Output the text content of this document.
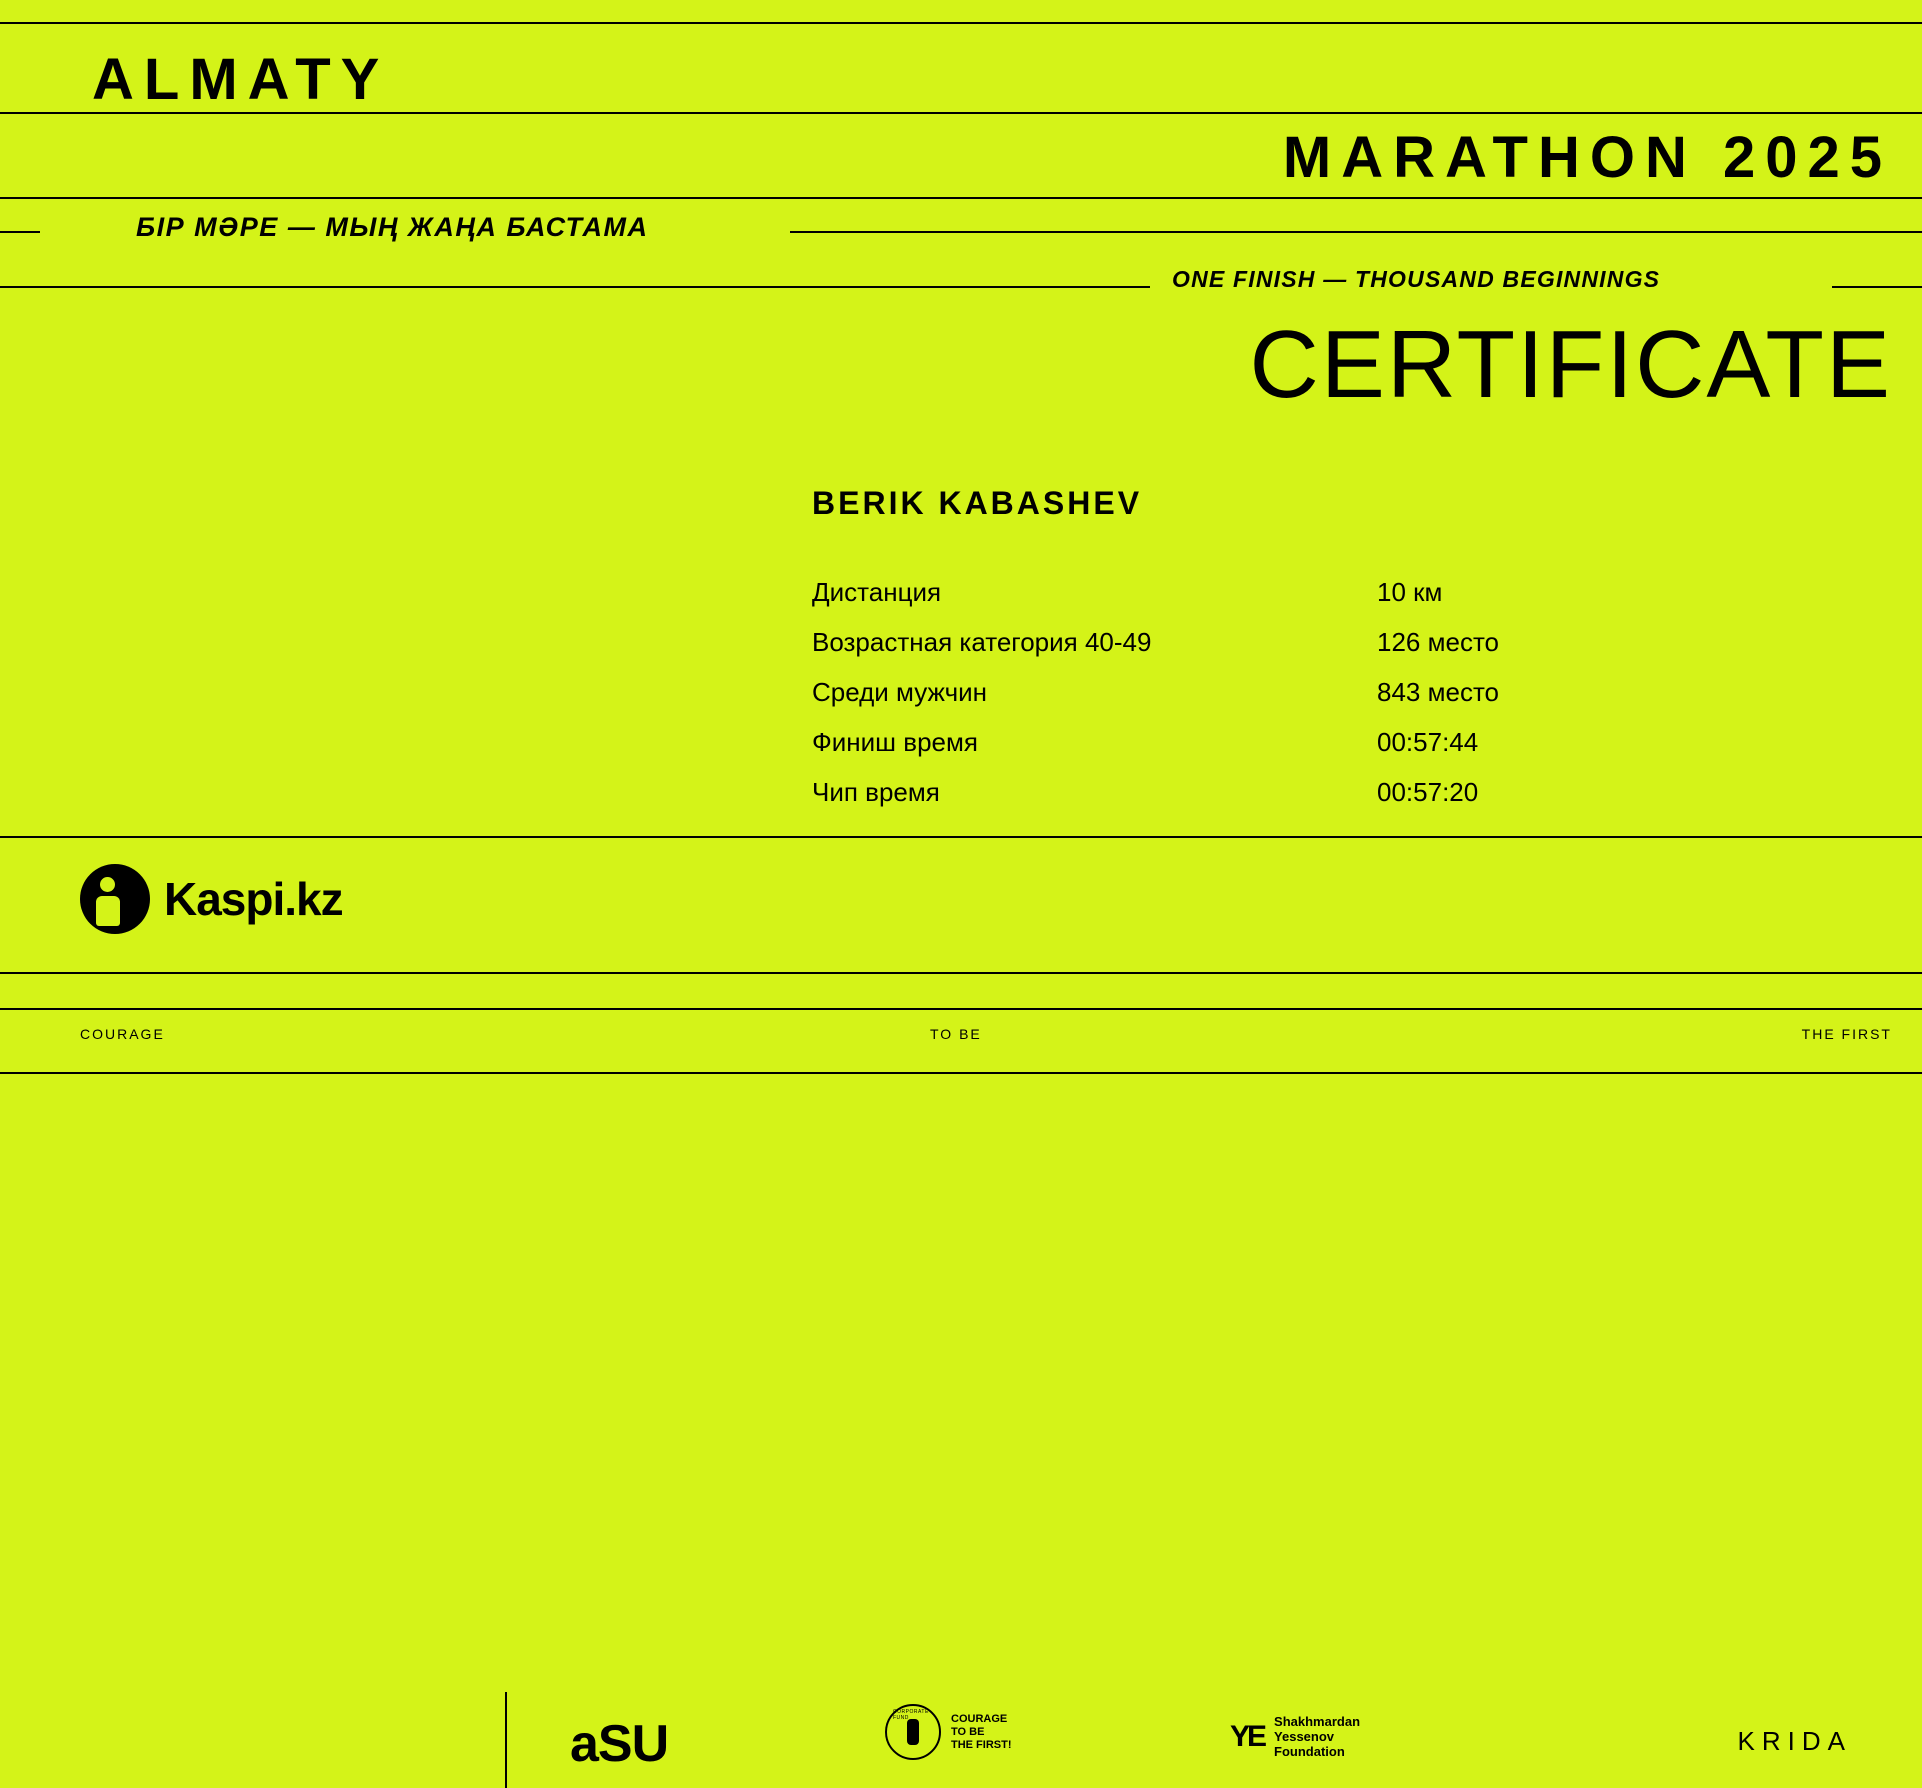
ALMATY
MARATHON 2025
БІР МӘРЕ — МЫҢ ЖАҢА БАСТАМА
ONE FINISH — THOUSAND BEGINNINGS
CERTIFICATE
BERIK KABASHEV
Дистанция	10 км
Возрастная категория 40-49	126 место
Среди мужчин	843 место
Финиш время	00:57:44
Чип время	00:57:20
Kaspi.kz
aSU
CORPORATE FUND	COURAGE
TO BE
THE FIRST!	YE Shakhmardan
Yessenov
Foundation	KRIDA
COURAGE	TO BE	THE FIRST
